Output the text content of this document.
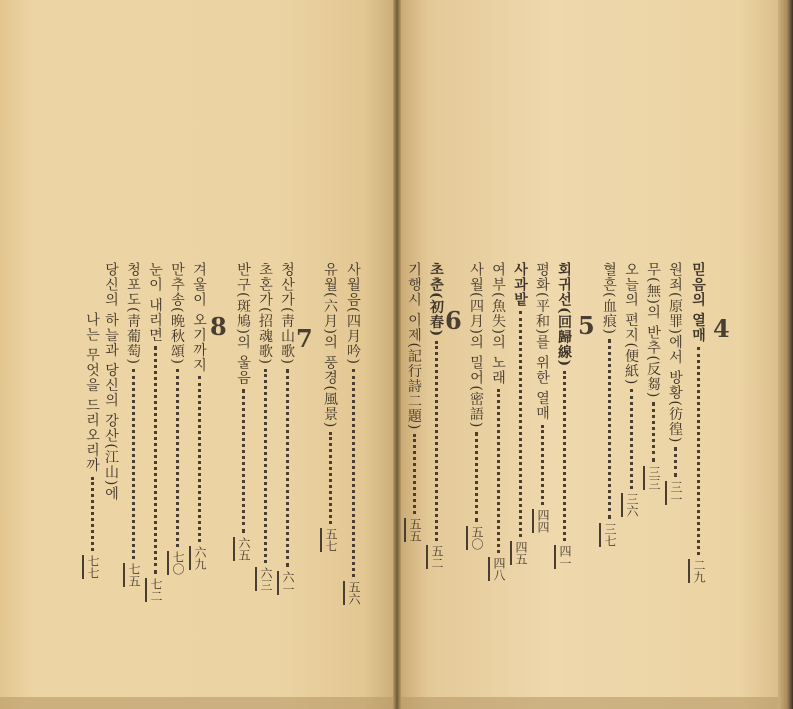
4
믿음의 열매
二九
원죄(原罪)에서 방황(彷徨)
三一
무(無)의 반추(反芻)
三三
오늘의 편지(便紙)
三六
혈흔(血痕)
三七
5
회귀선(回歸線)
四一
평화(平和)를 위한 열매
四四
사과밭
四五
여부(魚失)의 노래
四八
사월(四月)의 밀어(密語)
五〇
6
초춘(初春)
五二
기행시 이제(記行詩二題)
五五
사월음(四月吟)
五六
유월(六月)의 풍경(風景)
五七
7
청산가(靑山歌)
六一
초혼가(招魂歌)
六三
반구(斑鳩)의 울음
六五
8
겨울이 오기까지
六九
만추송(晩秋頌)
七〇
눈이 내리면
七二
청포도(靑葡萄)
七五
당신의 하늘과 당신의 강산(江山)에
나는 무엇을 드리오리까
七七
